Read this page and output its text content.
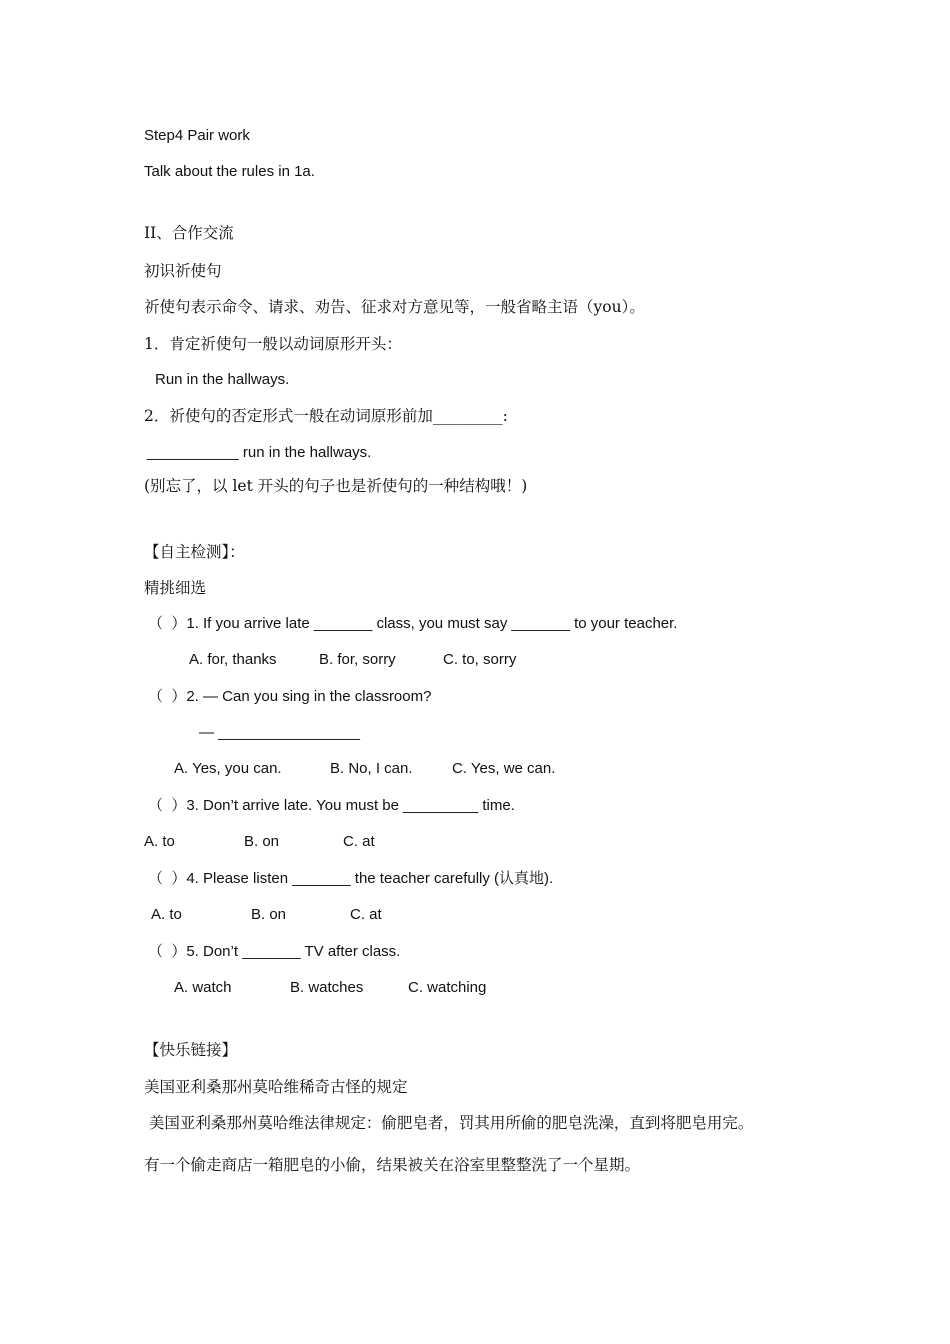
Step4 Pair work
Talk about the rules in 1a.
II、合作交流
初识祈使句
祈使句表示命令、请求、劝告、征求对方意见等，一般省略主语（you）。
1．肯定祈使句一般以动词原形开头：
Run in the hallways.
2．祈使句的否定形式一般在动词原形前加_________:
___________ run in the hallways.
(别忘了，以 let 开头的句子也是祈使句的一种结构哦！)
【自主检测】：
精挑细选
（  ）1. If you arrive late _______ class, you must say _______ to your teacher.
A. for, thanks	B. for, sorry	C. to, sorry
（  ）2. — Can you sing in the classroom?
— _________________
A. Yes, you can.	B. No, I can.	C. Yes, we can.
（  ）3. Don’t arrive late. You must be _________ time.
A. to	B. on	C. at
（  ）4. Please listen _______ the teacher carefully (认真地).
A. to	B. on	C. at
（  ）5. Don’t _______ TV after class.
A. watch	B. watches	C. watching
【快乐链接】
美国亚利桑那州莫哈维稀奇古怪的规定
美国亚利桑那州莫哈维法律规定：偷肥皂者，罚其用所偷的肥皂洗澡，直到将肥皂用完。
有一个偷走商店一箱肥皂的小偷，结果被关在浴室里整整洗了一个星期。
